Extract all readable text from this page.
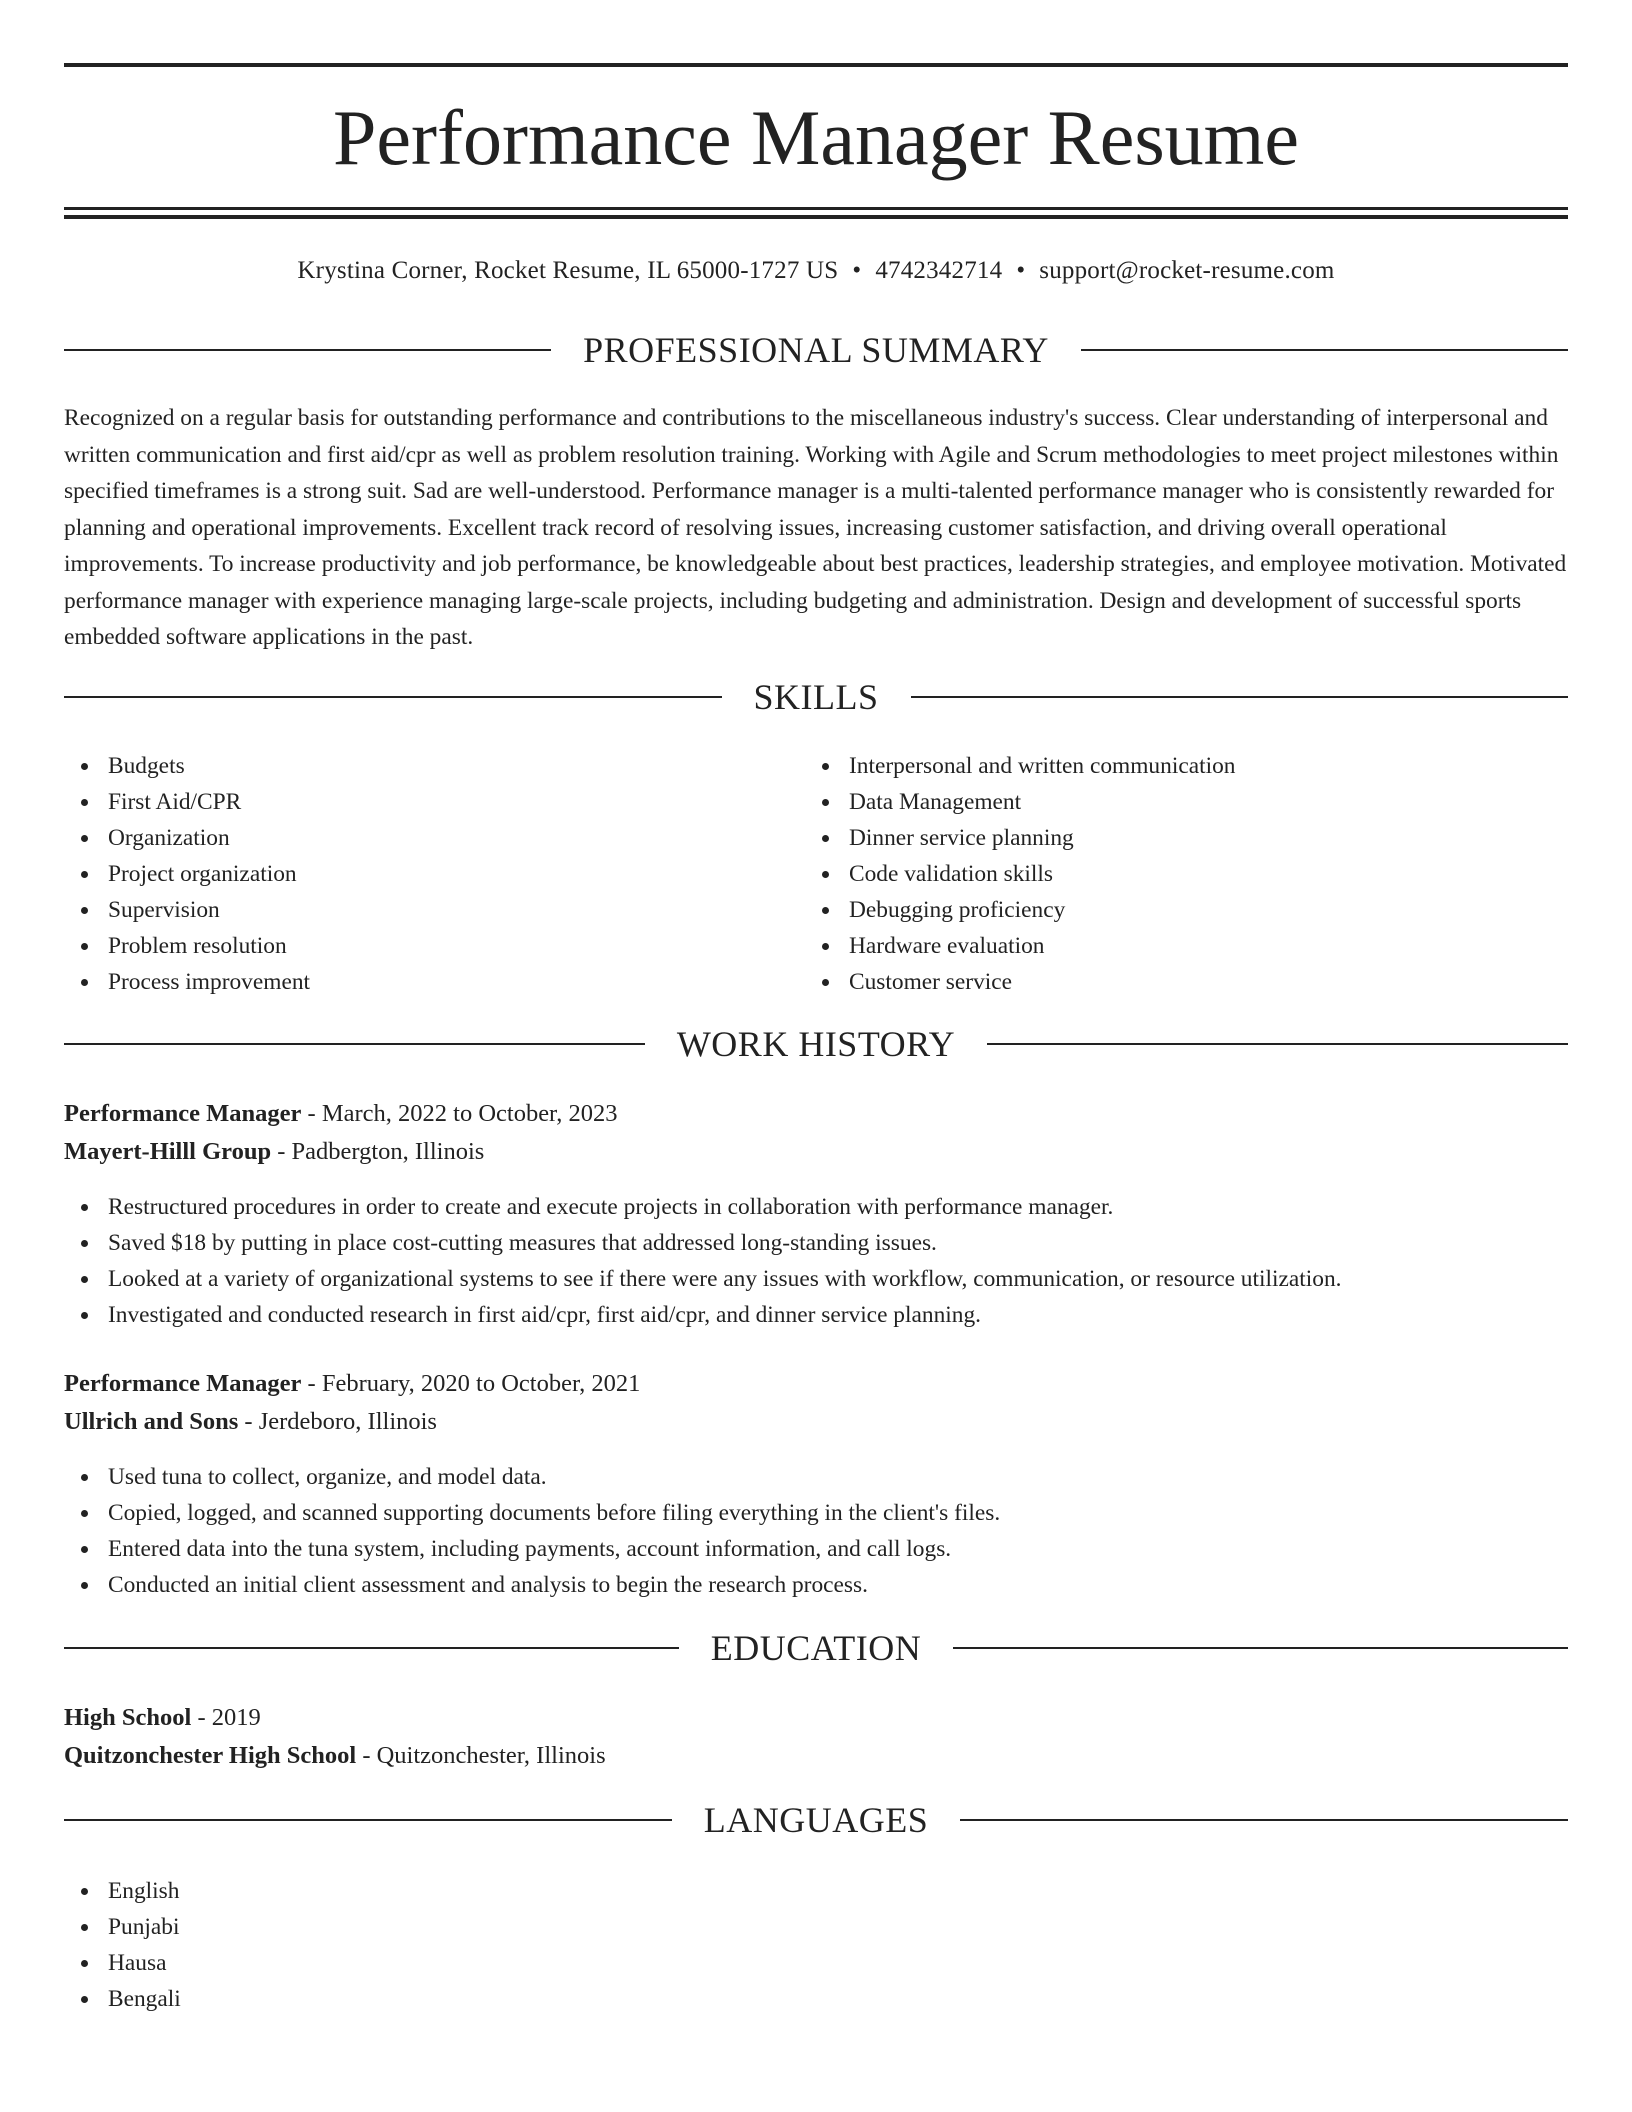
Performance Manager Resume
Krystina Corner, Rocket Resume, IL 65000-1727 US • 4742342714 • support@rocket-resume.com
PROFESSIONAL SUMMARY

Recognized on a regular basis for outstanding performance and contributions to the miscellaneous industry's success. Clear understanding of interpersonal and written communication and first aid/cpr as well as problem resolution training. Working with Agile and Scrum methodologies to meet project milestones within specified timeframes is a strong suit. Sad are well-understood. Performance manager is a multi-talented performance manager who is consistently rewarded for planning and operational improvements. Excellent track record of resolving issues, increasing customer satisfaction, and driving overall operational improvements. To increase productivity and job performance, be knowledgeable about best practices, leadership strategies, and employee motivation. Motivated performance manager with experience managing large-scale projects, including budgeting and administration. Design and development of successful sports embedded software applications in the past.

SKILLS
Budgets
First Aid/CPR
Organization
Project organization
Supervision
Problem resolution
Process improvement
Interpersonal and written communication
Data Management
Dinner service planning
Code validation skills
Debugging proficiency
Hardware evaluation
Customer service
WORK HISTORY
Performance Manager - March, 2022 to October, 2023
Mayert-Hilll Group - Padbergton, Illinois
Restructured procedures in order to create and execute projects in collaboration with performance manager.
Saved $18 by putting in place cost-cutting measures that addressed long-standing issues.
Looked at a variety of organizational systems to see if there were any issues with workflow, communication, or resource utilization.
Investigated and conducted research in first aid/cpr, first aid/cpr, and dinner service planning.
Performance Manager - February, 2020 to October, 2021
Ullrich and Sons - Jerdeboro, Illinois
Used tuna to collect, organize, and model data.
Copied, logged, and scanned supporting documents before filing everything in the client's files.
Entered data into the tuna system, including payments, account information, and call logs.
Conducted an initial client assessment and analysis to begin the research process.
EDUCATION
High School - 2019
Quitzonchester High School - Quitzonchester, Illinois
LANGUAGES
English
Punjabi
Hausa
Bengali
